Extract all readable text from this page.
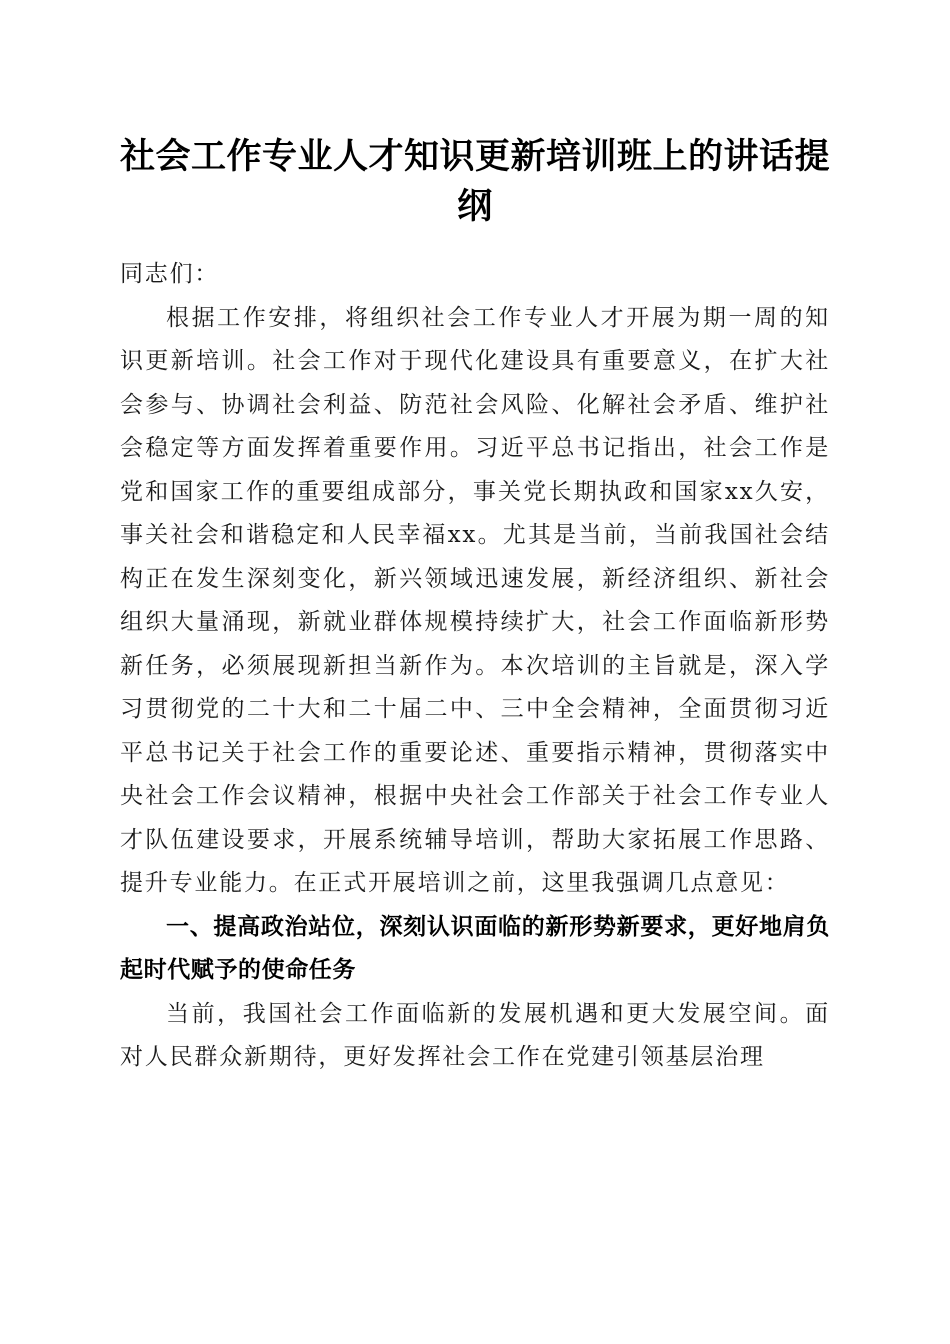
社会工作专业人才知识更新培训班上的讲话提纲

同志们：

根据工作安排，将组织社会工作专业人才开展为期一周的知识更新培训。社会工作对于现代化建设具有重要意义，在扩大社会参与、协调社会利益、防范社会风险、化解社会矛盾、维护社会稳定等方面发挥着重要作用。习近平总书记指出，社会工作是党和国家工作的重要组成部分，事关党长期执政和国家xx久安，事关社会和谐稳定和人民幸福xx。尤其是当前，当前我国社会结构正在发生深刻变化，新兴领域迅速发展，新经济组织、新社会组织大量涌现，新就业群体规模持续扩大，社会工作面临新形势新任务，必须展现新担当新作为。本次培训的主旨就是，深入学习贯彻党的二十大和二十届二中、三中全会精神，全面贯彻习近平总书记关于社会工作的重要论述、重要指示精神，贯彻落实中央社会工作会议精神，根据中央社会工作部关于社会工作专业人才队伍建设要求，开展系统辅导培训，帮助大家拓展工作思路、提升专业能力。在正式开展培训之前，这里我强调几点意见：

一、提高政治站位，深刻认识面临的新形势新要求，更好地肩负起时代赋予的使命任务

当前，我国社会工作面临新的发展机遇和更大发展空间。面对人民群众新期待，更好发挥社会工作在党建引领基层治理
